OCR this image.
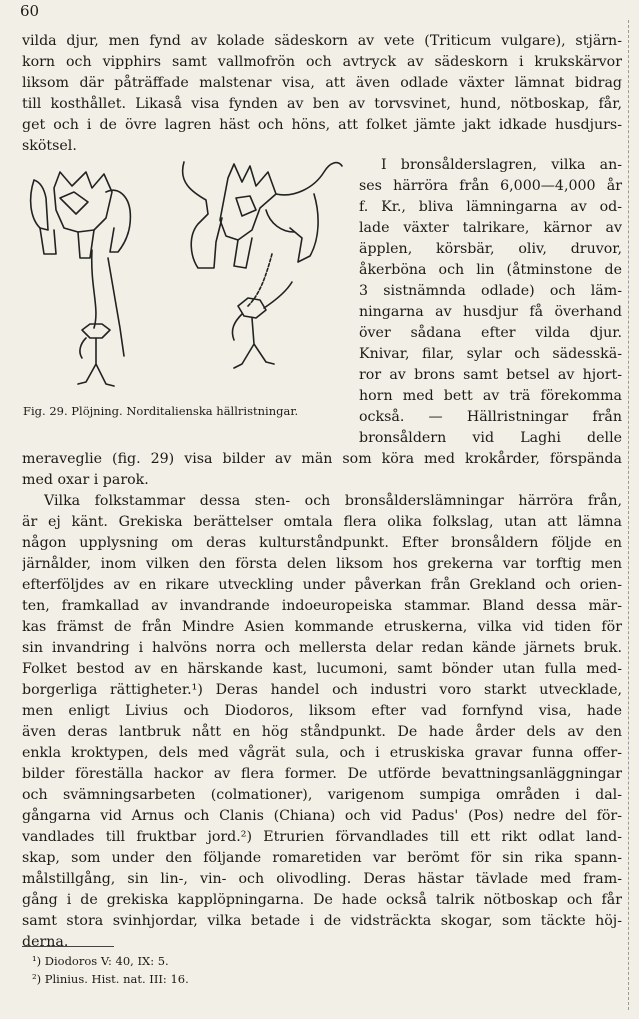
60
vilda djur, men fynd av kolade sädeskorn av vete (Triticum vulgare), stjärn-
korn och vipphirs samt vallmofrön och avtryck av sädeskorn i krukskärvor
liksom där påträffade malstenar visa, att även odlade växter lämnat bidrag
till kosthållet. Likaså visa fynden av ben av torvsvinet, hund, nötboskap, får,
get och i de övre lagren häst och höns, att folket jämte jakt idkade husdjurs-
skötsel.
Fig. 29. Plöjning. Norditalienska hällristningar.
I bronsålderslagren, vilka an-
ses härröra från 6,000—4,000 år
f. Kr., bliva lämningarna av od-
lade växter talrikare, kärnor av
äpplen, körsbär, oliv, druvor,
åkerböna och lin (åtminstone de
3 sistnämnda odlade) och läm-
ningarna av husdjur få överhand
över sådana efter vilda djur.
Knivar, filar, sylar och sädesskä-
ror av brons samt betsel av hjort-
horn med bett av trä förekomma
också. — Hällristningar från
bronsåldern vid Laghi delle
meraveglie (fig. 29) visa bilder av män som köra med krokårder, förspända
med oxar i parok.
Vilka folkstammar dessa sten- och bronsålderslämningar härröra från,
är ej känt. Grekiska berättelser omtala flera olika folkslag, utan att lämna
någon upplysning om deras kulturståndpunkt. Efter bronsåldern följde en
järnålder, inom vilken den första delen liksom hos grekerna var torftig men
efterföljdes av en rikare utveckling under påverkan från Grekland och orien-
ten, framkallad av invandrande indoeuropeiska stammar. Bland dessa mär-
kas främst de från Mindre Asien kommande etruskerna, vilka vid tiden för
sin invandring i halvöns norra och mellersta delar redan kände järnets bruk.
Folket bestod av en härskande kast, lucumoni, samt bönder utan fulla med-
borgerliga rättigheter.¹) Deras handel och industri voro starkt utvecklade,
men enligt Livius och Diodoros, liksom efter vad fornfynd visa, hade
även deras lantbruk nått en hög ståndpunkt. De hade årder dels av den
enkla kroktypen, dels med vågrät sula, och i etruskiska gravar funna offer-
bilder föreställa hackor av flera former. De utförde bevattningsanläggningar
och svämningsarbeten (colmationer), varigenom sumpiga områden i dal-
gångarna vid Arnus och Clanis (Chiana) och vid Padus' (Pos) nedre del för-
vandlades till fruktbar jord.²) Etrurien förvandlades till ett rikt odlat land-
skap, som under den följande romaretiden var berömt för sin rika spann-
målstillgång, sin lin-, vin- och olivodling. Deras hästar tävlade med fram-
gång i de grekiska kapplöpningarna. De hade också talrik nötboskap och får
samt stora svinhjordar, vilka betade i de vidsträckta skogar, som täckte höj-
derna.
¹) Diodoros V: 40, IX: 5.
²) Plinius. Hist. nat. III: 16.
